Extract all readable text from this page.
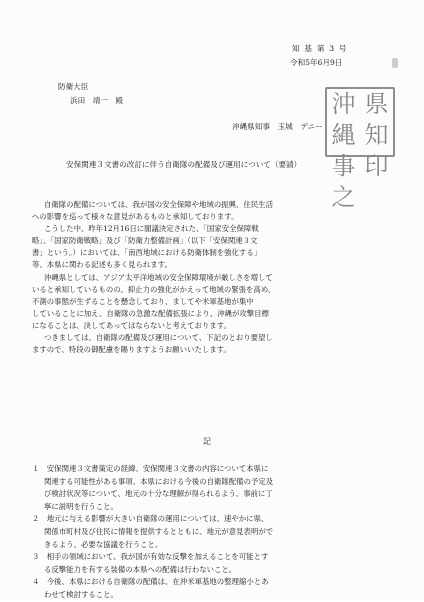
知 基 第 3 号
令和5年6月9日
防衛大臣
浜田　靖一　殿
沖縄県知事　玉城　デニー
沖縄
県知
事之
印
安保関連３文書の改訂に伴う自衛隊の配備及び運用について（要請）
自衛隊の配備については、我が国の安全保障や地域の振興、住民生活
への影響を巡って様々な意見があるものと承知しております。
こうした中、昨年12月16日に閣議決定された、「国家安全保障戦
略」、「国家防衛戦略」及び「防衛力整備計画」（以下「安保関連３文
書」という。）においては、「南西地域における防衛体制を強化する」
等、本県に関わる記述も多く見られます。
沖縄県としては、アジア太平洋地域の安全保障環境が厳しさを増して
いると承知しているものの、抑止力の強化がかえって地域の緊張を高め、
不測の事態が生ずることを懸念しており、ましてや米軍基地が集中
していることに加え、自衛隊の急激な配備拡張により、沖縄が攻撃目標
になることは、決してあってはならないと考えております。
つきましては、自衛隊の配備及び運用について、下記のとおり要望し
ますので、特段の御配慮を賜りますようお願いいたします。
記
１　安保関連３文書策定の経緯、安保関連３文書の内容について本県に
関連する可能性がある事項、本県における今後の自衛隊配備の予定及
び検討状況等について、地元の十分な理解が得られるよう、事前に丁
寧に説明を行うこと。
２　地元に与える影響が大きい自衛隊の運用については、速やかに県、
関係市町村及び住民に情報を提供するとともに、地元が意見表明がで
きるよう、必要な協議を行うこと。
３　相手の領域において、我が国が有効な反撃を加えることを可能とす
る反撃能力を有する装備の本県への配備は行わないこと。
４　今後、本県における自衛隊の配備は、在沖米軍基地の整理縮小とあ
わせて検討すること。
